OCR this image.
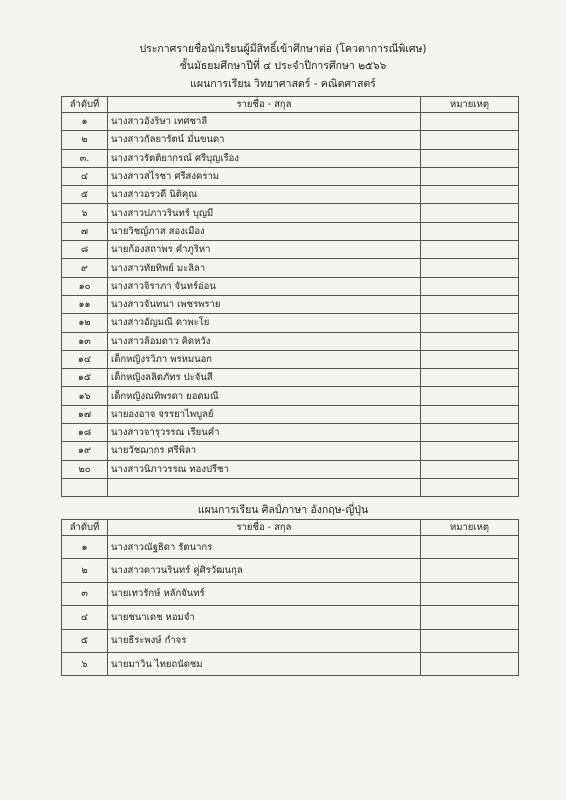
ประกาศรายชื่อนักเรียนผู้มีสิทธิ์เข้าศึกษาต่อ (โควตาการณีพิเศษ)
ชั้นมัธยมศึกษาปีที่ ๔ ประจำปีการศึกษา ๒๕๖๖
แผนการเรียน วิทยาศาสตร์ - คณิตศาสตร์
ลำดับที่	รายชื่อ - สกุล	หมายเหตุ
๑	นางสาวอังริษา เทศชาลี	
๒	นางสาวกัลยารัตน์ มั่นขนดา	
๓.	นางสาวรัตติยากรณ์ ศรีบุญเรือง	
๔	นางสาวสไรชา ศรีสงคราม	
๕	นางสาวอรวดี นิติคุณ	
๖	นางสาวปภาวรินทร์ บุญมี	
๗	นายวิชญ์ภาส สองเมือง	
๘	นายก้องสถาพร คำภูริหา	
๙	นางสาวทัยทิพย์ มะลิลา	
๑๐	นางสาวจิราภา จันทร์อ่อน	
๑๑	นางสาวจันทนา เพชรพราย	
๑๒	นางสาวอัญมณี ดาพะโย	
๑๓	นางสาวล้อมดาว คิดหวัง	
๑๔	เด็กหญิงรวิภา พรหมนอก	
๑๕	เด็กหญิงลลิตภัทร ปะจันสี	
๑๖	เด็กหญิงณทิพรดา ยอดมณี	
๑๗	นายองอาจ จรรยาไพบูลย์	
๑๘	นางสาวจารุวรรณ เรียนคำ	
๑๙	นายวัชฌากร ศรีพิลา	
๒๐	นางสาวนิภาวรรณ ทองปรีชา	

แผนการเรียน ศิลป์ภาษา อังกฤษ-ญี่ปุ่น
ลำดับที่	รายชื่อ - สกุล	หมายเหตุ
๑	นางสาวณัฐธิดา รัตนากร	
๒	นางสาวดาวนรินทร์ คู่ศิรวัฒนกุล	
๓	นายเทวรักษ์ หลักจันทร์	
๔	นายชนาเดช หอมจำ	
๕	นายธีระพงษ์ กำจร	
๖	นายมาวิน ไทยถนัดชม	
